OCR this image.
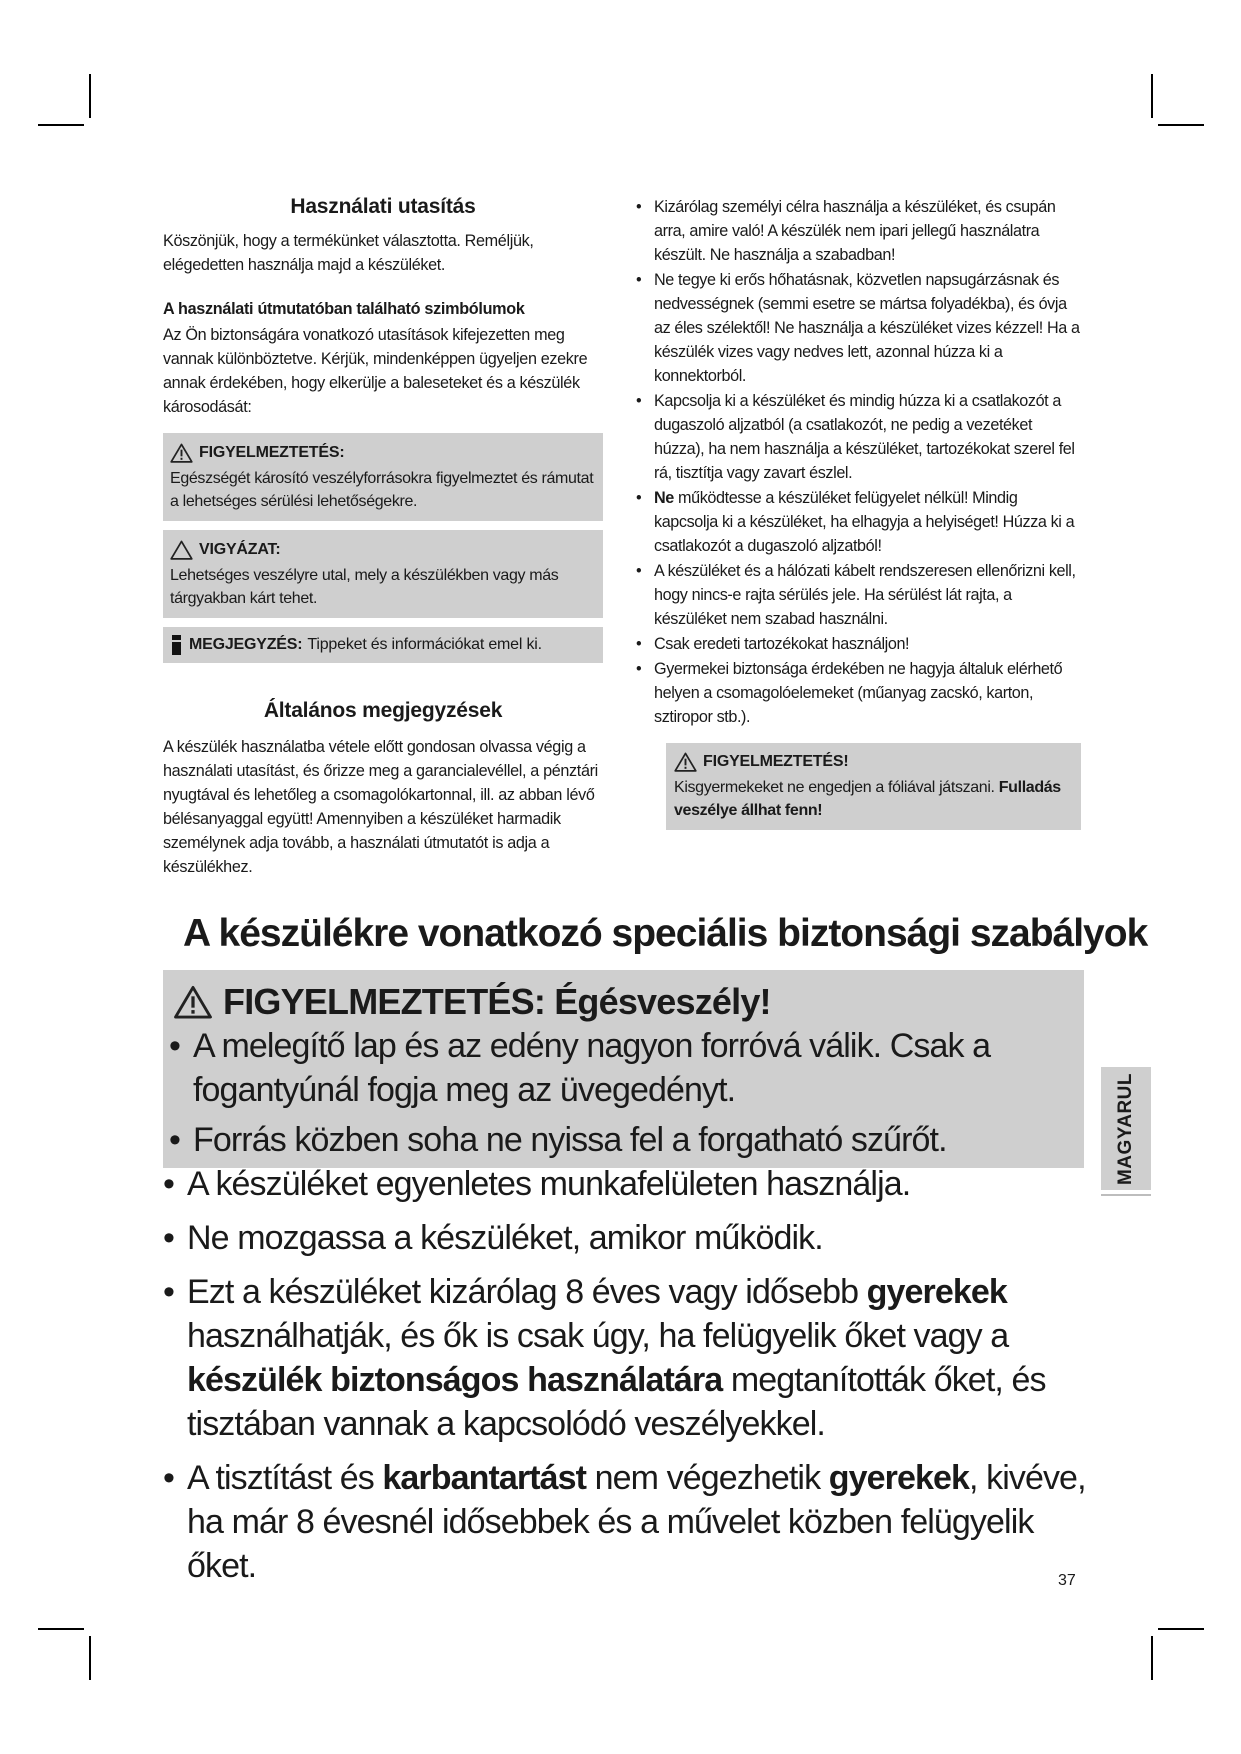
Használati utasítás

Köszönjük, hogy a termékünket választotta. Reméljük, elégedetten használja majd a készüléket.

A használati útmutatóban található szimbólumok

Az Ön biztonságára vonatkozó utasítások kifejezetten meg vannak különböztetve. Kérjük, mindenképpen ügyeljen ezekre annak érdekében, hogy elkerülje a baleseteket és a készülék károsodását:

FIGYELMEZTETÉS:
Egészségét károsító veszélyforrásokra figyelmeztet és rámutat a lehetséges sérülési lehetőségekre.
VIGYÁZAT:
Lehetséges veszélyre utal, mely a készülékben vagy más tárgyakban kárt tehet.
MEGJEGYZÉS: Tippeket és információkat emel ki.
Általános megjegyzések

A készülék használatba vétele előtt gondosan olvassa végig a használati utasítást, és őrizze meg a garancialevéllel, a pénztári nyugtával és lehetőleg a csomagolókartonnal, ill. az abban lévő bélésanyaggal együtt! Amennyiben a készüléket harmadik személynek adja tovább, a használati útmutatót is adja a készülékhez.

• Kizárólag személyi célra használja a készüléket, és csupán arra, amire való! A készülék nem ipari jellegű használatra készült. Ne használja a szabadban!
• Ne tegye ki erős hőhatásnak, közvetlen napsugárzásnak és nedvességnek (semmi esetre se mártsa folyadékba), és óvja az éles szélektől! Ne használja a készüléket vizes kézzel! Ha a készülék vizes vagy nedves lett, azonnal húzza ki a konnektorból.
• Kapcsolja ki a készüléket és mindig húzza ki a csatlakozót a dugaszoló aljzatból (a csatlakozót, ne pedig a vezetéket húzza), ha nem használja a készüléket, tartozékokat szerel fel rá, tisztítja vagy zavart észlel.
• Ne működtesse a készüléket felügyelet nélkül! Mindig kapcsolja ki a készüléket, ha elhagyja a helyiséget! Húzza ki a csatlakozót a dugaszoló aljzatból!
• A készüléket és a hálózati kábelt rendszeresen ellenőrizni kell, hogy nincs-e rajta sérülés jele. Ha sérülést lát rajta, a készüléket nem szabad használni.
• Csak eredeti tartozékokat használjon!
• Gyermekei biztonsága érdekében ne hagyja általuk elérhető helyen a csomagolóelemeket (műanyag zacskó, karton, sztiropor stb.).
FIGYELMEZTETÉS!
Kisgyermekeket ne engedjen a fóliával játszani. Fulladás veszélye állhat fenn!
A készülékre vonatkozó speciális biztonsági szabályok
FIGYELMEZTETÉS: Égésveszély!
• A melegítő lap és az edény nagyon forróvá válik. Csak a fogantyúnál fogja meg az üvegedényt.
• Forrás közben soha ne nyissa fel a forgatható szűrőt.
• A készüléket egyenletes munkafelületen használja.
• Ne mozgassa a készüléket, amikor működik.
• Ezt a készüléket kizárólag 8 éves vagy idősebb gyerekek használhatják, és ők is csak úgy, ha felügyelik őket vagy a készülék biztonságos használatára megtanították őket, és tisztában vannak a kapcsolódó veszélyekkel.
• A tisztítást és karbantartást nem végezhetik gyerekek, kivéve, ha már 8 évesnél idősebbek és a művelet közben felügyelik őket.
MAGYARUL
37
